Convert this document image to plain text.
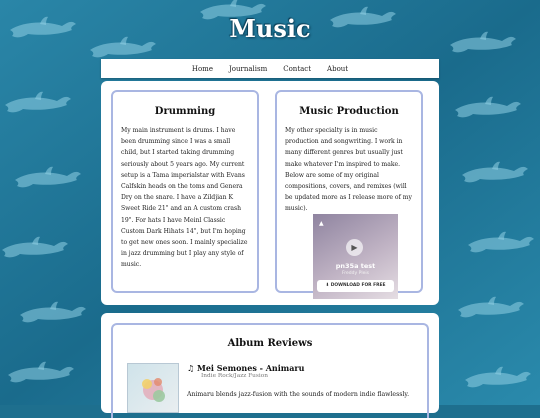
Music
Home Journalism Contact About
Drumming

My main instrument is drums. I have been drumming since I was a small child, but I started taking drumming seriously about 5 years ago. My current setup is a Tama imperialstar with Evans Calfskin heads on the toms and Genera Dry on the snare. I have a Zildjian K Sweet Ride 21" and an A custom crash 19". For hats I have Meinl Classic Custom Dark Hihats 14", but I'm hoping to get new ones soon. I mainly specialize in jazz drumming but I play any style of music.

Music Production

My other specialty is in music production and songwriting. I work in many different genres but usually just make whatever I'm inspired to make. Below are some of my original compositions, covers, and remixes (will be updated more as I release more of my music).

▲
▶
pn35a test
Freddy Pleis
⬇ DOWNLOAD FOR FREE
Album Reviews
♫ Mei Semones - Animaru
Indie Rock/Jazz Fusion
Animaru blends jazz-fusion with the sounds of modern indie flawlessly.
